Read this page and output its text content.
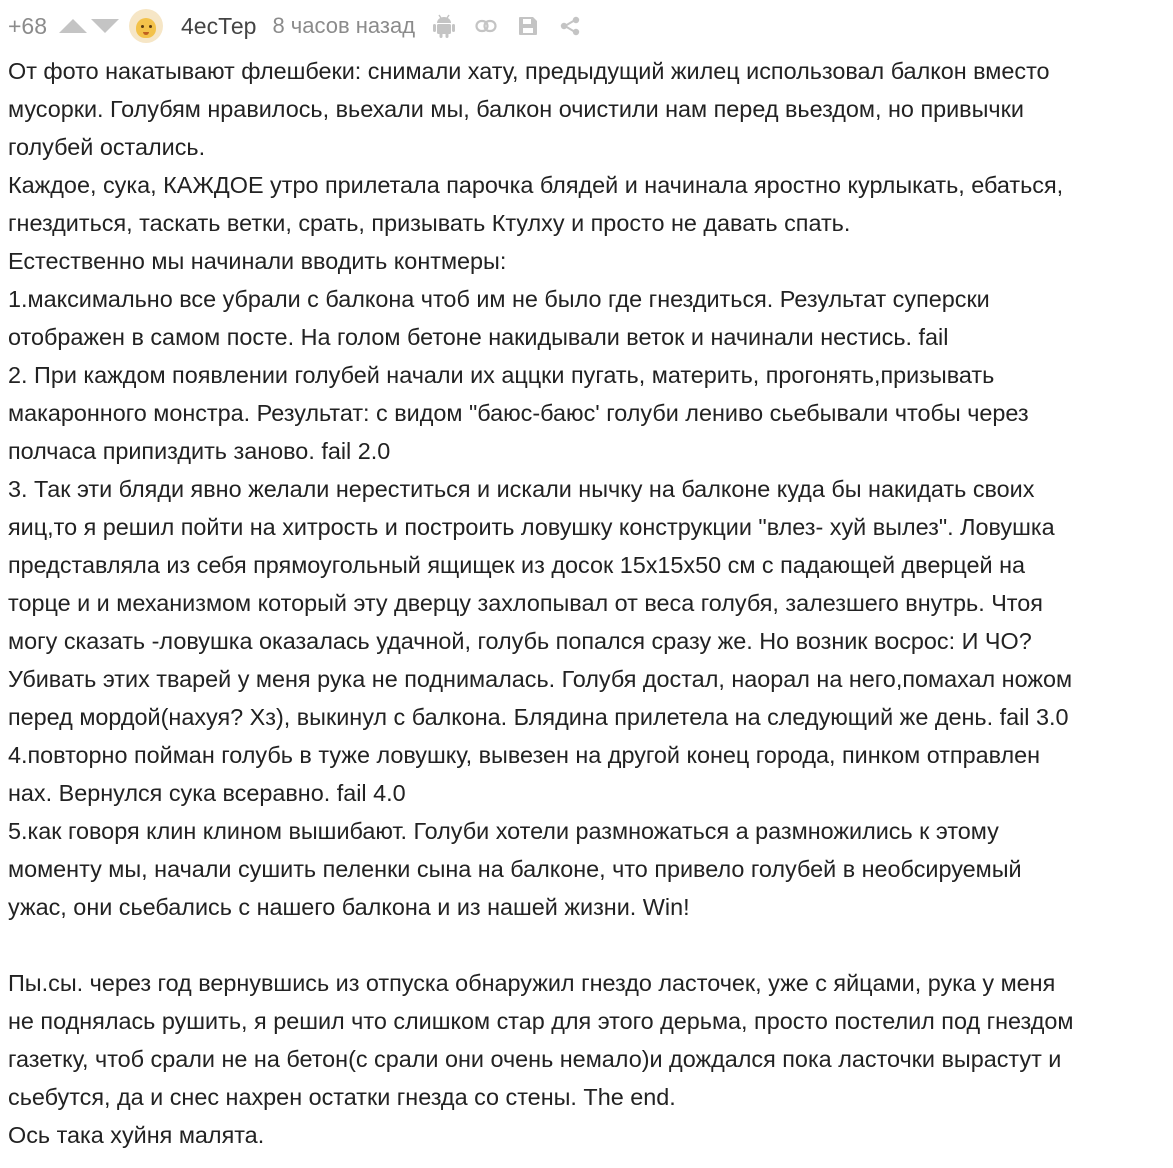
+68	4есТер 8 часов назад

От фото накатывают флешбеки: снимали хату, предыдущий жилец использовал балкон вместо

мусорки. Голубям нравилось, вьехали мы, балкон очистили нам перед вьездом, но привычки

голубей остались.

Каждое, сука, КАЖДОЕ утро прилетала парочка блядей и начинала яростно курлыкать, ебаться,

гнездиться, таскать ветки, срать, призывать Ктулху и просто не давать спать.

Естественно мы начинали вводить контмеры:

1.максимально все убрали с балкона чтоб им не было где гнездиться. Результат суперски

отображен в самом посте. На голом бетоне накидывали веток и начинали нестись. fail

2. При каждом появлении голубей начали их аццки пугать, материть, прогонять,призывать

макаронного монстра. Результат: с видом "баюс-баюс' голуби лениво сьебывали чтобы через

полчаса припиздить заново. fail 2.0

3. Так эти бляди явно желали нереститься и искали нычку на балконе куда бы накидать своих

яиц,то я решил пойти на хитрость и построить ловушку конструкции "влез- хуй вылез". Ловушка

представляла из себя прямоугольный ящищек из досок 15х15х50 см с падающей дверцей на

торце и и механизмом который эту дверцу захлопывал от веса голубя, залезшего внутрь. Чтоя

могу сказать -ловушка оказалась удачной, голубь попался сразу же. Но возник восрос: И ЧО?

Убивать этих тварей у меня рука не поднималась. Голубя достал, наорал на него,помахал ножом

перед мордой(нахуя? Хз), выкинул с балкона. Блядина прилетела на следующий же день. fail 3.0

4.повторно пойман голубь в туже ловушку, вывезен на другой конец города, пинком отправлен

нах. Вернулся сука всеравно. fail 4.0

5.как говоря клин клином вышибают. Голуби хотели размножаться а размножились к этому

моменту мы, начали сушить пеленки сына на балконе, что привело голубей в необсируемый

ужас, они сьебались с нашего балкона и из нашей жизни. Win!

Пы.сы. через год вернувшись из отпуска обнаружил гнездо ласточек, уже с яйцами, рука у меня

не поднялась рушить, я решил что слишком стар для этого дерьма, просто постелил под гнездом

газетку, чтоб срали не на бетон(с срали они очень немало)и дождался пока ласточки вырастут и

сьебутся, да и снес нахрен остатки гнезда со стены. The end.

Ось така хуйня малята.
